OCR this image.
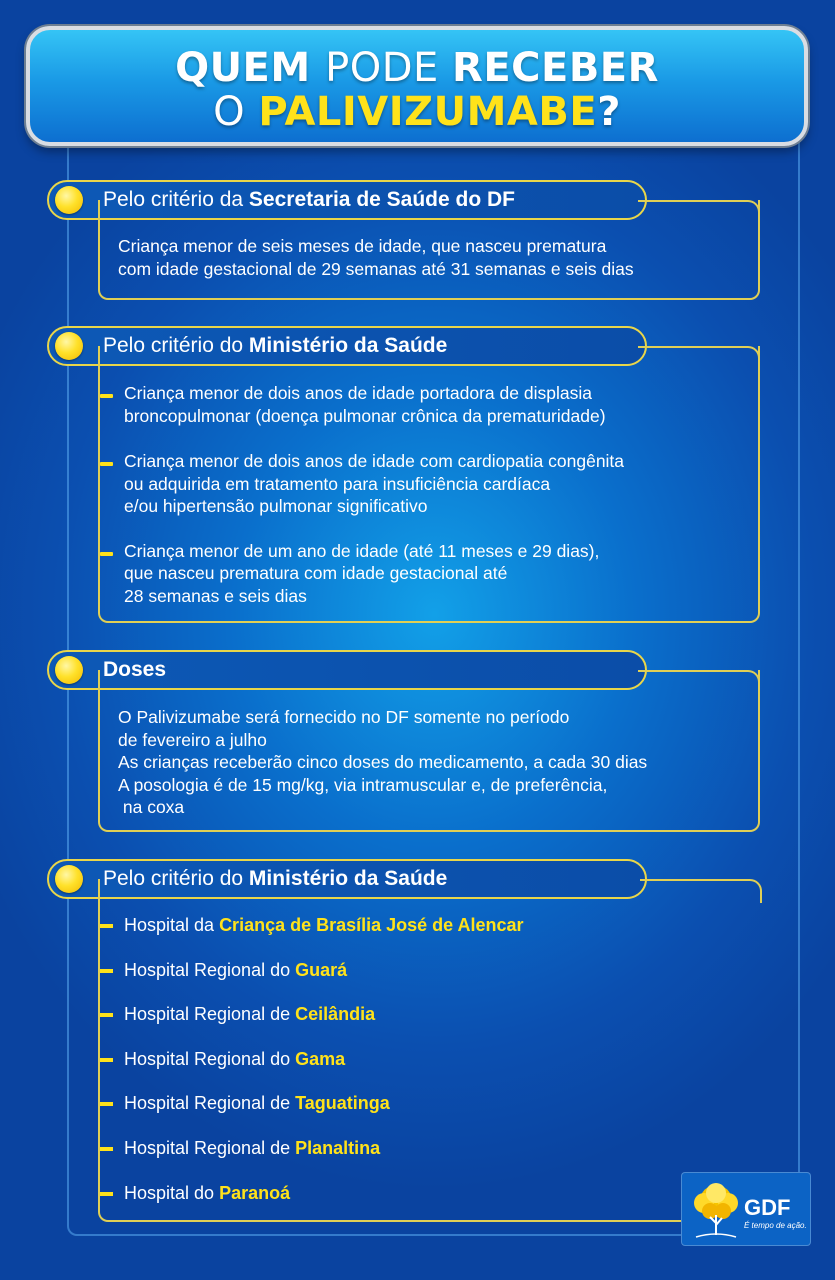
QUEM PODE RECEBER
O PALIVIZUMABE?
Pelo critério da Secretaria de Saúde do DF
Criança menor de seis meses de idade, que nasceu prematura
com idade gestacional de 29 semanas até 31 semanas e seis dias
Pelo critério do Ministério da Saúde
Criança menor de dois anos de idade portadora de displasia
broncopulmonar (doença pulmonar crônica da prematuridade)
Criança menor de dois anos de idade com cardiopatia congênita
ou adquirida em tratamento para insuficiência cardíaca
e/ou hipertensão pulmonar significativo
Criança menor de um ano de idade (até 11 meses e 29 dias),
que nasceu prematura com idade gestacional até
28 semanas e seis dias
Doses
O Palivizumabe será fornecido no DF somente no período
de fevereiro a julho
As crianças receberão cinco doses do medicamento, a cada 30 dias
A posologia é de 15 mg/kg, via intramuscular e, de preferência,
na coxa
Pelo critério do Ministério da Saúde
Hospital da Criança de Brasília José de Alencar
Hospital Regional do Guará
Hospital Regional de Ceilândia
Hospital Regional do Gama
Hospital Regional de Taguatinga
Hospital Regional de Planaltina
Hospital do Paranoá
GDF
É tempo de ação.
